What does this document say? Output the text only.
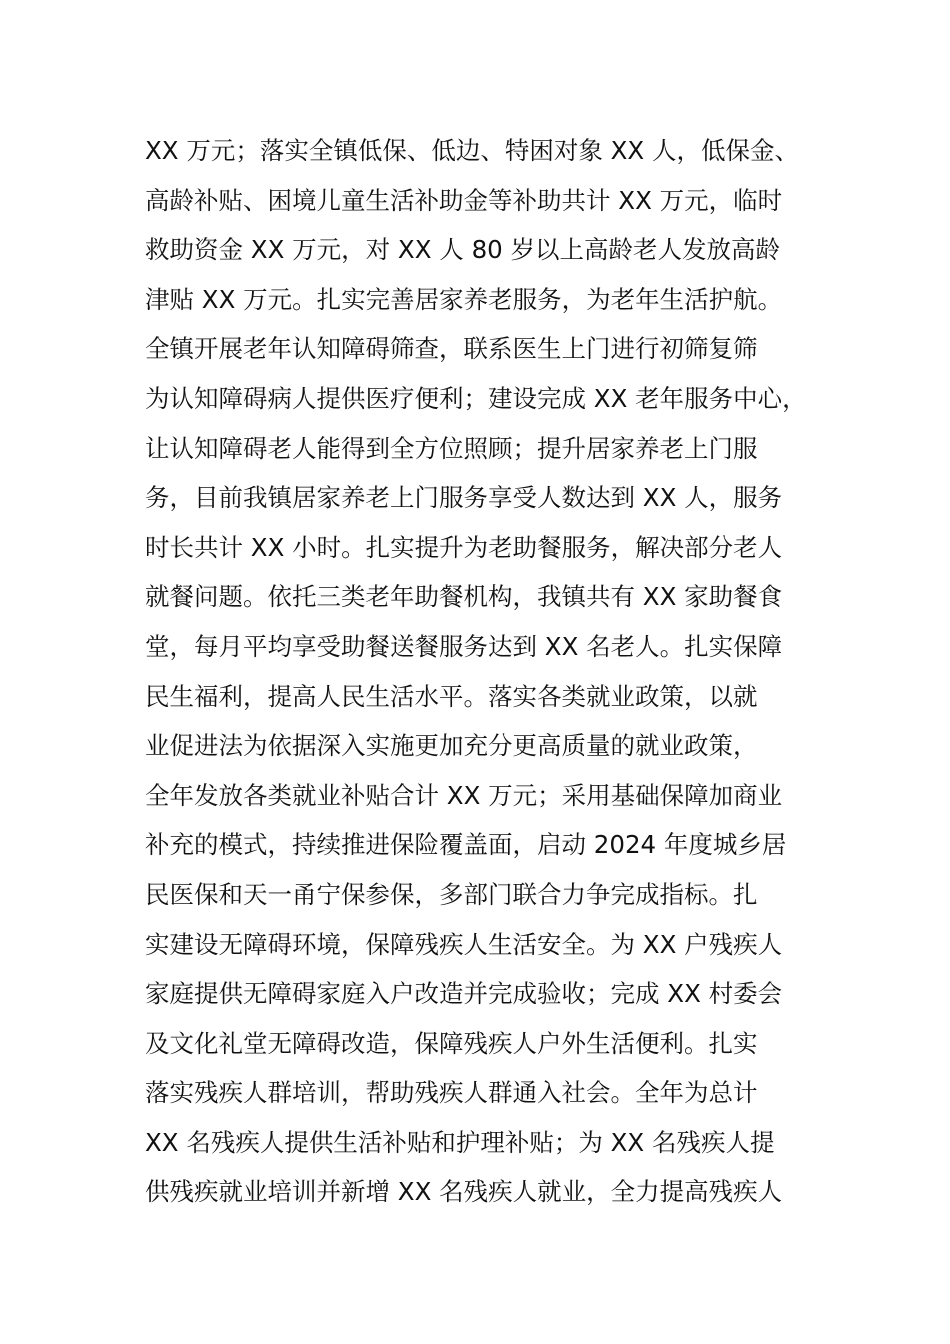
XX 万元；落实全镇低保、低边、特困对象 XX 人，低保金、
高龄补贴、困境儿童生活补助金等补助共计 XX 万元，临时
救助资金 XX 万元，对 XX 人 80 岁以上高龄老人发放高龄
津贴 XX 万元。扎实完善居家养老服务，为老年生活护航。
全镇开展老年认知障碍筛查，联系医生上门进行初筛复筛
为认知障碍病人提供医疗便利；建设完成 XX 老年服务中心，
让认知障碍老人能得到全方位照顾；提升居家养老上门服
务，目前我镇居家养老上门服务享受人数达到 XX 人，服务
时长共计 XX 小时。扎实提升为老助餐服务，解决部分老人
就餐问题。依托三类老年助餐机构，我镇共有 XX 家助餐食
堂，每月平均享受助餐送餐服务达到 XX 名老人。扎实保障
民生福利，提高人民生活水平。落实各类就业政策，以就
业促进法为依据深入实施更加充分更高质量的就业政策，
全年发放各类就业补贴合计 XX 万元；采用基础保障加商业
补充的模式，持续推进保险覆盖面，启动 2024 年度城乡居
民医保和天一甬宁保参保，多部门联合力争完成指标。扎
实建设无障碍环境，保障残疾人生活安全。为 XX 户残疾人
家庭提供无障碍家庭入户改造并完成验收；完成 XX 村委会
及文化礼堂无障碍改造，保障残疾人户外生活便利。扎实
落实残疾人群培训，帮助残疾人群通入社会。全年为总计
XX 名残疾人提供生活补贴和护理补贴；为 XX 名残疾人提
供残疾就业培训并新增 XX 名残疾人就业，全力提高残疾人
